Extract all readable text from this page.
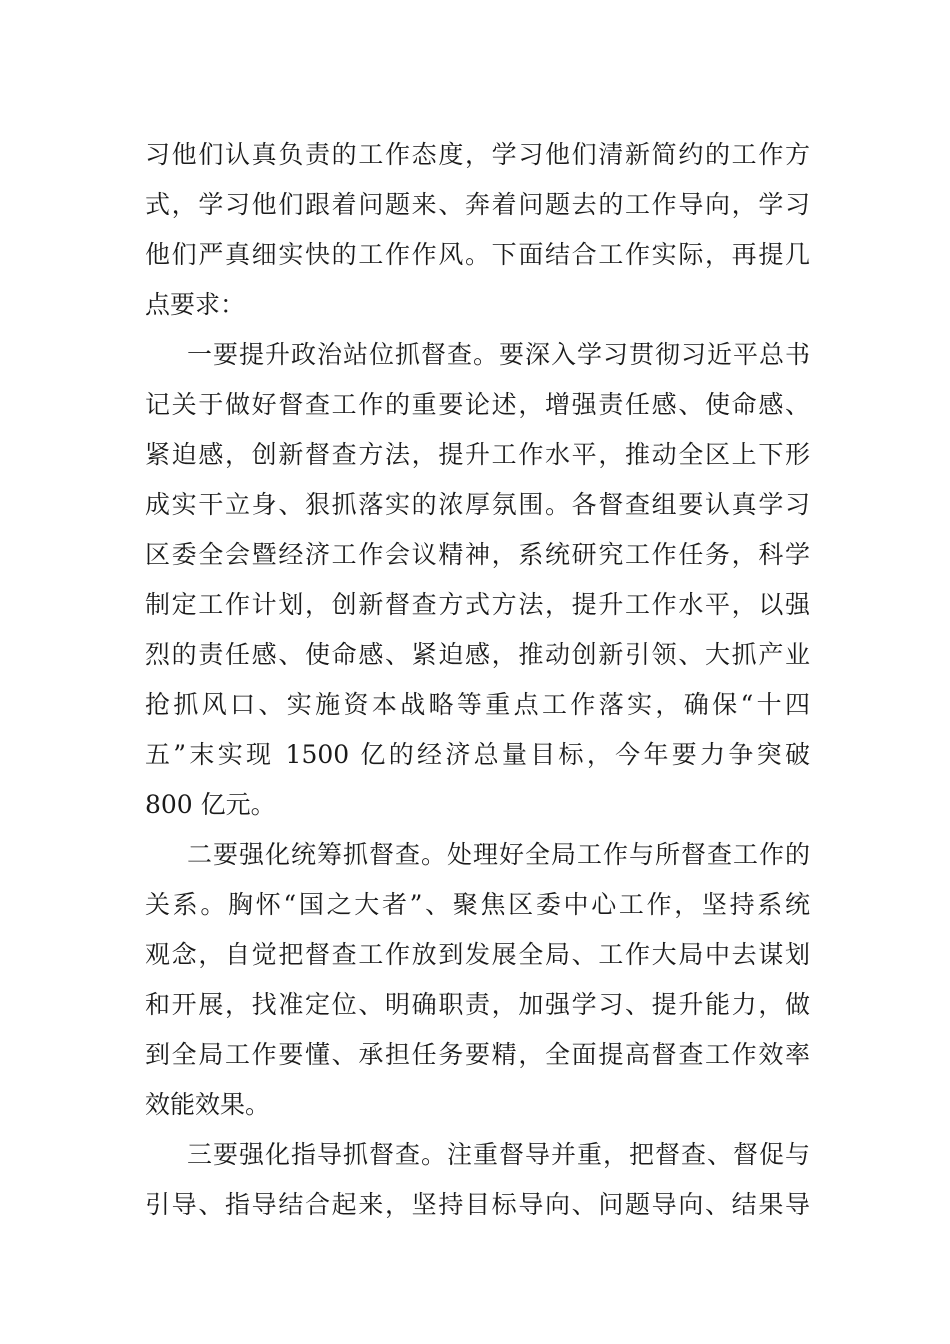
习他们认真负责的工作态度，学习他们清新简约的工作方
式，学习他们跟着问题来、奔着问题去的工作导向，学习
他们严真细实快的工作作风。下面结合工作实际，再提几
点要求：
一要提升政治站位抓督查。要深入学习贯彻习近平总书
记关于做好督查工作的重要论述，增强责任感、使命感、
紧迫感，创新督查方法，提升工作水平，推动全区上下形
成实干立身、狠抓落实的浓厚氛围。各督查组要认真学习
区委全会暨经济工作会议精神，系统研究工作任务，科学
制定工作计划，创新督查方式方法，提升工作水平，以强
烈的责任感、使命感、紧迫感，推动创新引领、大抓产业
抢抓风口、实施资本战略等重点工作落实，确保“十四
五”末实现 1500 亿的经济总量目标，今年要力争突破
800 亿元。
二要强化统筹抓督查。处理好全局工作与所督查工作的
关系。胸怀“国之大者”、聚焦区委中心工作，坚持系统
观念，自觉把督查工作放到发展全局、工作大局中去谋划
和开展，找准定位、明确职责，加强学习、提升能力，做
到全局工作要懂、承担任务要精，全面提高督查工作效率
效能效果。
三要强化指导抓督查。注重督导并重，把督查、督促与
引导、指导结合起来，坚持目标导向、问题导向、结果导
